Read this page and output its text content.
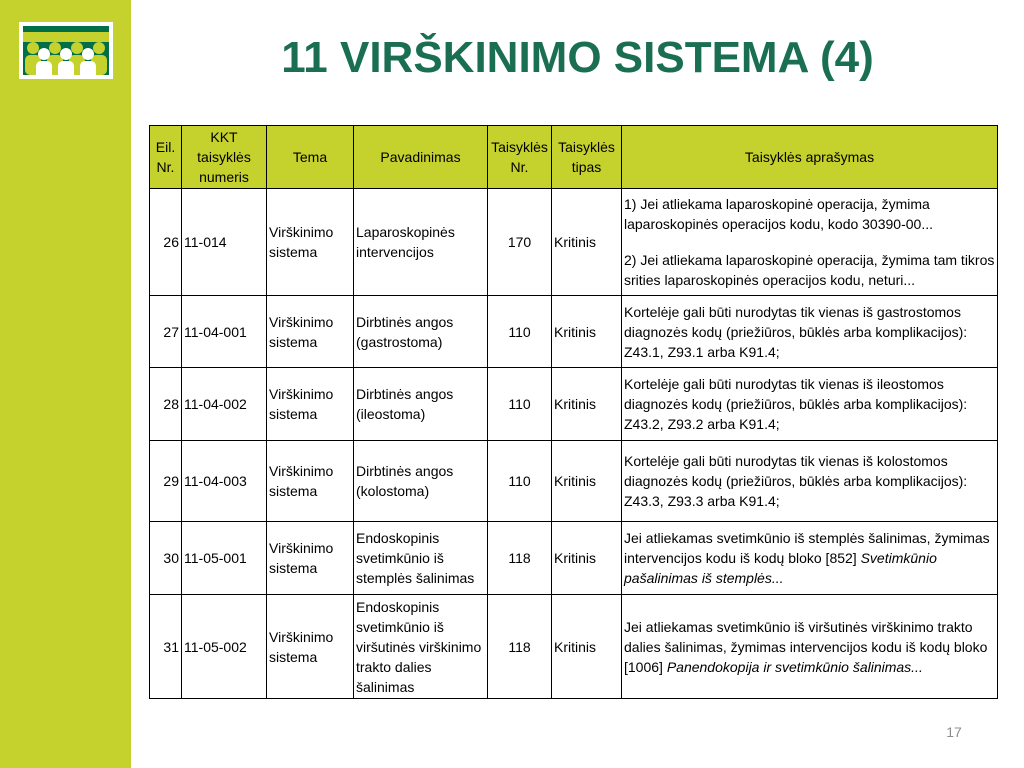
11 VIRŠKINIMO SISTEMA (4)
Eil. Nr.	KKT taisyklės numeris	Tema	Pavadinimas	Taisyklės Nr.	Taisyklės tipas	Taisyklės aprašymas
26	11-014	Virškinimo sistema	Laparoskopinės intervencijos	170	Kritinis	1) Jei atliekama laparoskopinė operacija, žymima laparoskopinės operacijos kodu, kodo 30390-00...

2) Jei atliekama laparoskopinė operacija, žymima tam tikros srities laparoskopinės operacijos kodu, neturi...

27	11-04-001	Virškinimo sistema	Dirbtinės angos (gastrostoma)	110	Kritinis	Kortelėje gali būti nurodytas tik vienas iš gastrostomos diagnozės kodų (priežiūros, būklės arba komplikacijos): Z43.1, Z93.1 arba K91.4;
28	11-04-002	Virškinimo sistema	Dirbtinės angos (ileostoma)	110	Kritinis	Kortelėje gali būti nurodytas tik vienas iš ileostomos diagnozės kodų (priežiūros, būklės arba komplikacijos): Z43.2, Z93.2 arba K91.4;
29	11-04-003	Virškinimo sistema	Dirbtinės angos (kolostoma)	110	Kritinis	Kortelėje gali būti nurodytas tik vienas iš kolostomos diagnozės kodų (priežiūros, būklės arba komplikacijos): Z43.3, Z93.3 arba K91.4;
30	11-05-001	Virškinimo sistema	Endoskopinis svetimkūnio iš stemplės šalinimas	118	Kritinis	Jei atliekamas svetimkūnio iš stemplės šalinimas, žymimas intervencijos kodu iš kodų bloko [852] Svetimkūnio pašalinimas iš stemplės...
31	11-05-002	Virškinimo sistema	Endoskopinis svetimkūnio iš viršutinės virškinimo trakto dalies šalinimas	118	Kritinis	Jei atliekamas svetimkūnio iš viršutinės virškinimo trakto dalies šalinimas, žymimas intervencijos kodu iš kodų bloko [1006] Panendokopija ir svetimkūnio šalinimas...
17
